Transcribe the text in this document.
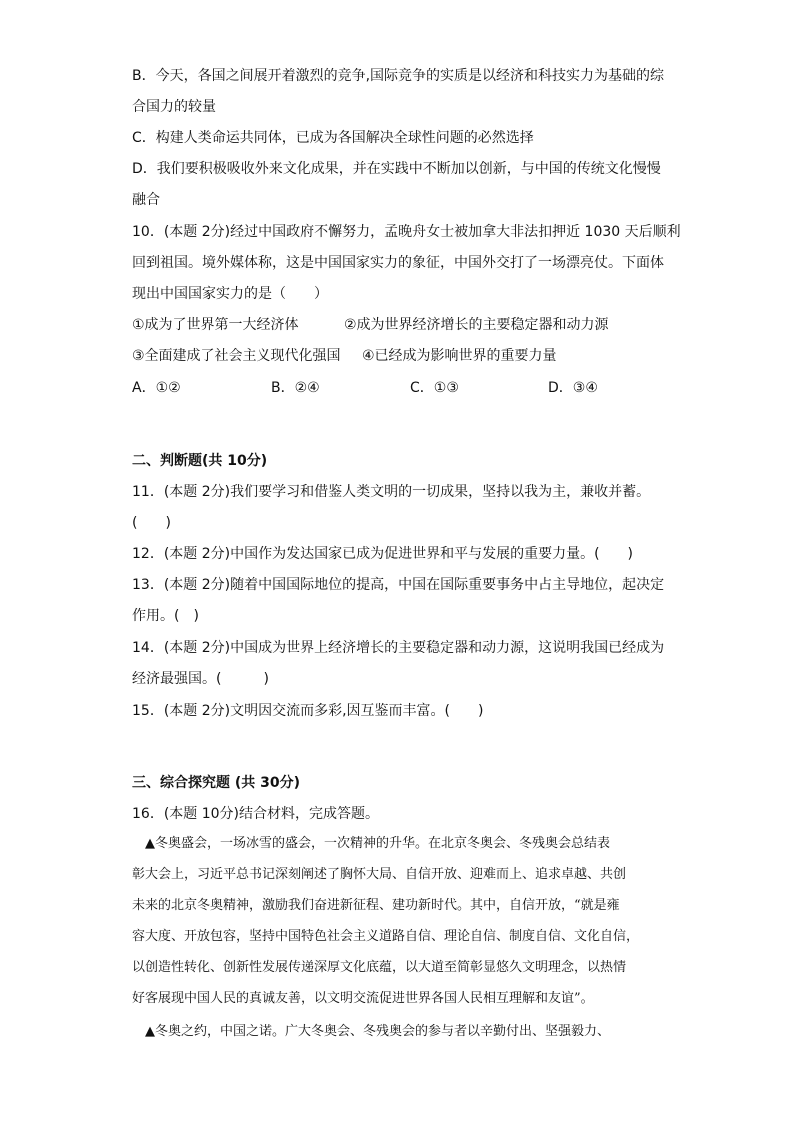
B．今天，各国之间展开着激烈的竞争,国际竞争的实质是以经济和科技实力为基础的综
合国力的较量
C．构建人类命运共同体，已成为各国解决全球性问题的必然选择
D．我们要积极吸收外来文化成果，并在实践中不断加以创新，与中国的传统文化慢慢
融合
10．(本题 2分)经过中国政府不懈努力，孟晚舟女士被加拿大非法扣押近 1030 天后顺利
回到祖国。境外媒体称，这是中国国家实力的象征，中国外交打了一场漂亮仗。下面体
现出中国国家实力的是（　　）
①成为了世界第一大经济体	②成为世界经济增长的主要稳定器和动力源
③全面建成了社会主义现代化强国 ④已经成为影响世界的重要力量
A．①②	B．②④	C．①③	D．③④
二、判断题(共 10分)
11．(本题 2分)我们要学习和借鉴人类文明的一切成果，坚持以我为主，兼收并蓄。
(　　)
12．(本题 2分)中国作为发达国家已成为促进世界和平与发展的重要力量。(　　)
13．(本题 2分)随着中国国际地位的提高，中国在国际重要事务中占主导地位，起决定
作用。(　)
14．(本题 2分)中国成为世界上经济增长的主要稳定器和动力源，这说明我国已经成为
经济最强国。(　　　)
15．(本题 2分)文明因交流而多彩,因互鉴而丰富。(　　)
三、综合探究题 (共 30分)
16．(本题 10分)结合材料，完成答题。
　▲冬奥盛会，一场冰雪的盛会，一次精神的升华。在北京冬奥会、冬残奥会总结表
彰大会上，习近平总书记深刻阐述了胸怀大局、自信开放、迎难而上、追求卓越、共创
未来的北京冬奥精神，激励我们奋进新征程、建功新时代。其中，自信开放，“就是雍
容大度、开放包容，坚持中国特色社会主义道路自信、理论自信、制度自信、文化自信，
以创造性转化、创新性发展传递深厚文化底蕴，以大道至简彰显悠久文明理念，以热情
好客展现中国人民的真诚友善，以文明交流促进世界各国人民相互理解和友谊”。
　▲冬奥之约，中国之诺。广大冬奥会、冬残奥会的参与者以辛勤付出、坚强毅力、
